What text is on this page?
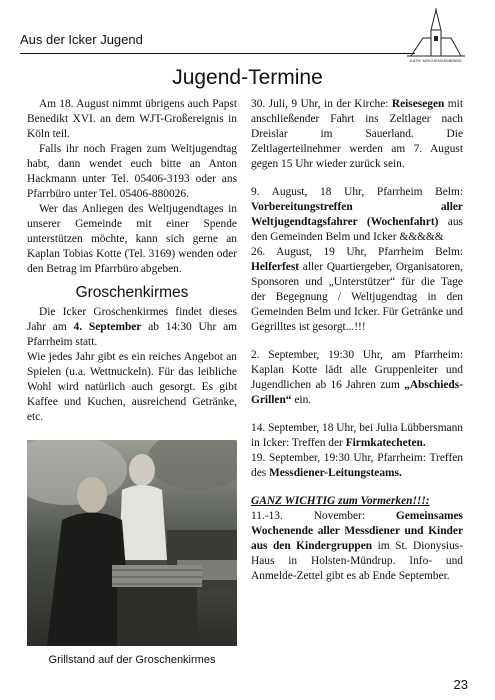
Aus der Icker Jugend
KATH. KIRCHENGEMEINDE
Jugend-Termine

Am 18. August nimmt übrigens auch Papst Benedikt XVI. an dem WJT-Großereignis in Köln teil.

Falls ihr noch Fragen zum Weltjugendtag habt, dann wendet euch bitte an Anton Hackmann unter Tel. 05406-3193 oder ans Pfarrbüro unter Tel. 05406-880026.

Wer das Anliegen des Weltjugendtages in unserer Gemeinde mit einer Spende unterstützen möchte, kann sich gerne an Kaplan Tobias Kotte (Tel. 3169) wenden oder den Betrag im Pfarrbüro abgeben.

Groschenkirmes

Die Icker Groschenkirmes findet dieses Jahr am 4. September ab 14:30 Uhr am Pfarrheim statt.

Wie jedes Jahr gibt es ein reiches Angebot an Spielen (u.a. Wettnuckeln). Für das leibliche Wohl wird natürlich auch gesorgt. Es gibt Kaffee und Kuchen, ausreichend Getränke, etc.

Grillstand auf der Groschenkirmes

30. Juli, 9 Uhr, in der Kirche: Reisesegen mit anschließender Fahrt ins Zeltlager nach Dreislar im Sauerland. Die Zeltlagerteilnehmer werden am 7. August gegen 15 Uhr wieder zurück sein.

9. August, 18 Uhr, Pfarrheim Belm: Vorbereitungstreffen aller Weltjugendtagsfahrer (Wochenfahrt) aus den Gemeinden Belm und Icker &&&&&

26. August, 19 Uhr, Pfarrheim Belm: Helferfest aller Quartiergeber, Organisatoren, Sponsoren und „Unterstützer“ für die Tage der Begegnung / Weltjugendtag in den Gemeinden Belm und Icker. Für Getränke und Gegrilltes ist gesorgt...!!!

2. September, 19:30 Uhr, am Pfarrheim: Kaplan Kotte lädt alle Gruppenleiter und Jugendlichen ab 16 Jahren zum „Abschieds-Grillen“ ein.

14. September, 18 Uhr, bei Julia Lübbersmann in Icker: Treffen der Firmkatecheten.

19. September, 19:30 Uhr, Pfarrheim: Treffen des Messdiener-Leitungsteams.

GANZ WICHTIG zum Vormerken!!!:

11.-13. November: Gemeinsames Wochenende aller Messdiener und Kinder aus den Kindergruppen im St. Dionysius-Haus in Holsten-Mündrup. Info- und Anmelde-Zettel gibt es ab Ende September.

23
